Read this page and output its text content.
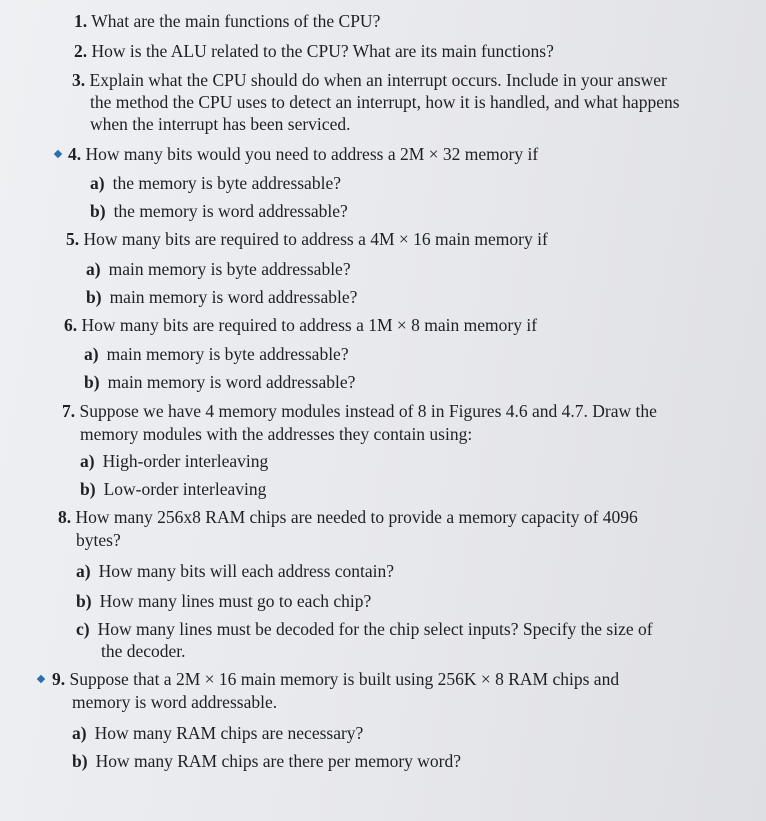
1. What are the main functions of the CPU?

2. How is the ALU related to the CPU? What are its main functions?

3. Explain what the CPU should do when an interrupt occurs. Include in your answer

the method the CPU uses to detect an interrupt, how it is handled, and what happens

when the interrupt has been serviced.

4. How many bits would you need to address a 2M × 32 memory if

a) the memory is byte addressable?
b) the memory is word addressable?

5. How many bits are required to address a 4M × 16 main memory if

a) main memory is byte addressable?
b) main memory is word addressable?

6. How many bits are required to address a 1M × 8 main memory if

a) main memory is byte addressable?
b) main memory is word addressable?

7. Suppose we have 4 memory modules instead of 8 in Figures 4.6 and 4.7. Draw the

memory modules with the addresses they contain using:

a) High-order interleaving
b) Low-order interleaving

8. How many 256x8 RAM chips are needed to provide a memory capacity of 4096

bytes?

a) How many bits will each address contain?
b) How many lines must go to each chip?
c) How many lines must be decoded for the chip select inputs? Specify the size of
the decoder.

9. Suppose that a 2M × 16 main memory is built using 256K × 8 RAM chips and

memory is word addressable.

a) How many RAM chips are necessary?
b) How many RAM chips are there per memory word?
